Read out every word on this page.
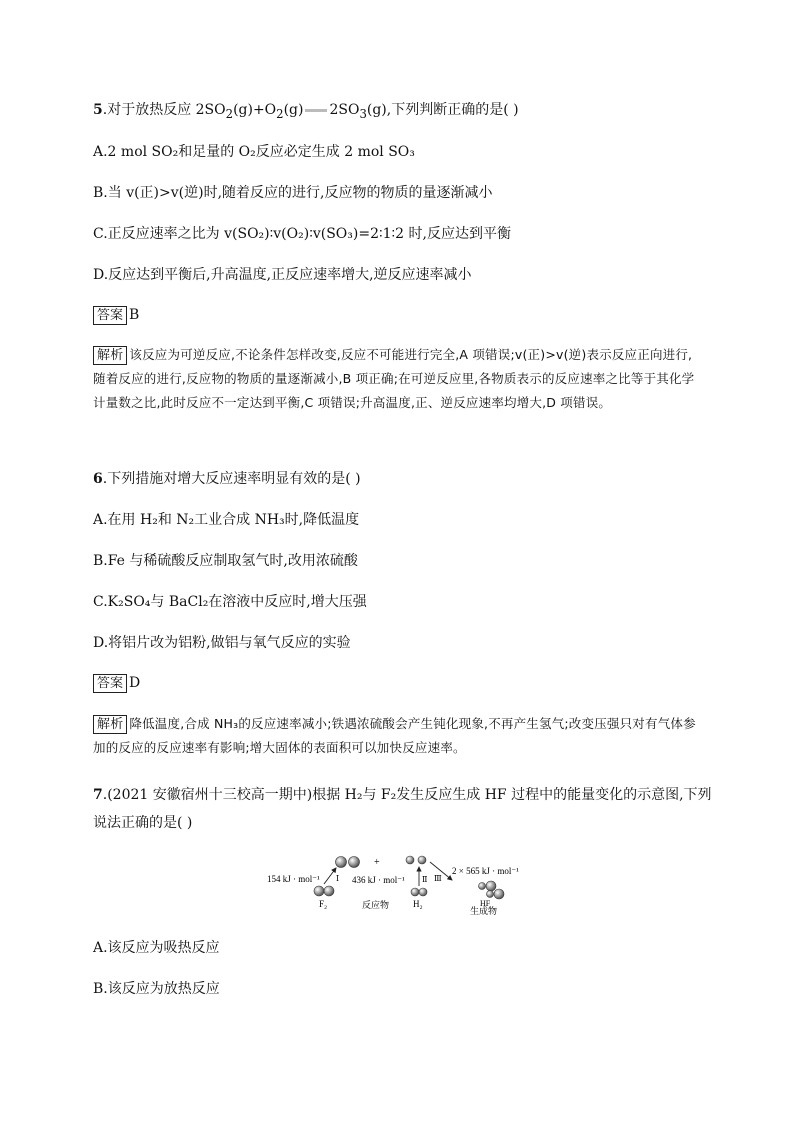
5.对于放热反应 $2SO_2(g)+O_2(g)$ $2SO_3(g)$,下列判断正确的是( )
A.2 mol SO₂和足量的 O₂反应必定生成 2 mol SO₃
B.当 v(正)>v(逆)时,随着反应的进行,反应物的物质的量逐渐减小
C.正反应速率之比为 v(SO₂)∶v(O₂)∶v(SO₃)=2∶1∶2 时,反应达到平衡
D.反应达到平衡后,升高温度,正反应速率增大,逆反应速率减小
答案 B
解析 该反应为可逆反应,不论条件怎样改变,反应不可能进行完全,A 项错误;v(正)>v(逆)表示反应正向进行,随着反应的进行,反应物的物质的量逐渐减小,B 项正确;在可逆反应里,各物质表示的反应速率之比等于其化学计量数之比,此时反应不一定达到平衡,C 项错误;升高温度,正、逆反应速率均增大,D 项错误。
6.下列措施对增大反应速率明显有效的是( )
A.在用 H₂和 N₂工业合成 NH₃时,降低温度
B.Fe 与稀硫酸反应制取氢气时,改用浓硫酸
C.K₂SO₄与 BaCl₂在溶液中反应时,增大压强
D.将铝片改为铝粉,做铝与氧气反应的实验
答案 D
解析 降低温度,合成 NH₃的反应速率减小;铁遇浓硫酸会产生钝化现象,不再产生氢气;改变压强只对有气体参加的反应的反应速率有影响;增大固体的表面积可以加快反应速率。
7.(2021 安徽宿州十三校高一期中)根据 H₂与 F₂发生反应生成 HF 过程中的能量变化的示意图,下列
说法正确的是( )
154 kJ · mol⁻¹	436 kJ · mol⁻¹
2 × 565 kJ · mol⁻¹
+
Ⅰ	Ⅱ Ⅲ
F₂	反应物	H₂	HF
生成物
A.该反应为吸热反应
B.该反应为放热反应
